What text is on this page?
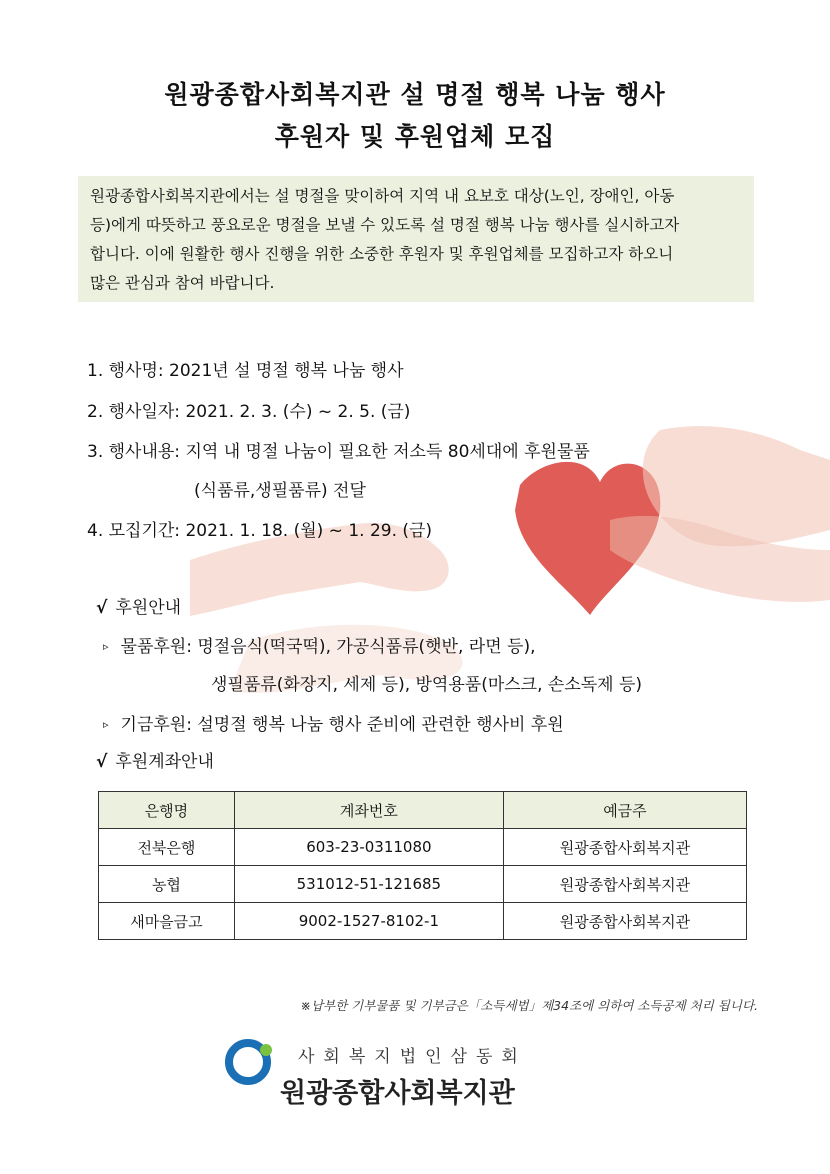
원광종합사회복지관 설 명절 행복 나눔 행사
후원자 및 후원업체 모집

원광종합사회복지관에서는 설 명절을 맞이하여 지역 내 요보호 대상(노인, 장애인, 아동

등)에게 따뜻하고 풍요로운 명절을 보낼 수 있도록 설 명절 행복 나눔 행사를 실시하고자

합니다. 이에 원활한 행사 진행을 위한 소중한 후원자 및 후원업체를 모집하고자 하오니

많은 관심과 참여 바랍니다.

1. 행사명: 2021년 설 명절 행복 나눔 행사
2. 행사일자: 2021. 2. 3. (수) ~ 2. 5. (금)
3. 행사내용: 지역 내 명절 나눔이 필요한 저소득 80세대에 후원물품
(식품류,생필품류) 전달
4. 모집기간: 2021. 1. 18. (월) ~ 1. 29. (금)
√ 후원안내
▹ 물품후원: 명절음식(떡국떡), 가공식품류(햇반, 라면 등),
생필품류(화장지, 세제 등), 방역용품(마스크, 손소독제 등)
▹ 기금후원: 설명절 행복 나눔 행사 준비에 관련한 행사비 후원
√ 후원계좌안내
은행명	계좌번호	예금주
전북은행	603-23-0311080	원광종합사회복지관
농협	531012-51-121685	원광종합사회복지관
새마을금고	9002-1527-8102-1	원광종합사회복지관
※납부한 기부물품 및 기부금은「소득세법」제34조에 의하여 소득공제 처리 됩니다.
사회복지법인삼동회
원광종합사회복지관
